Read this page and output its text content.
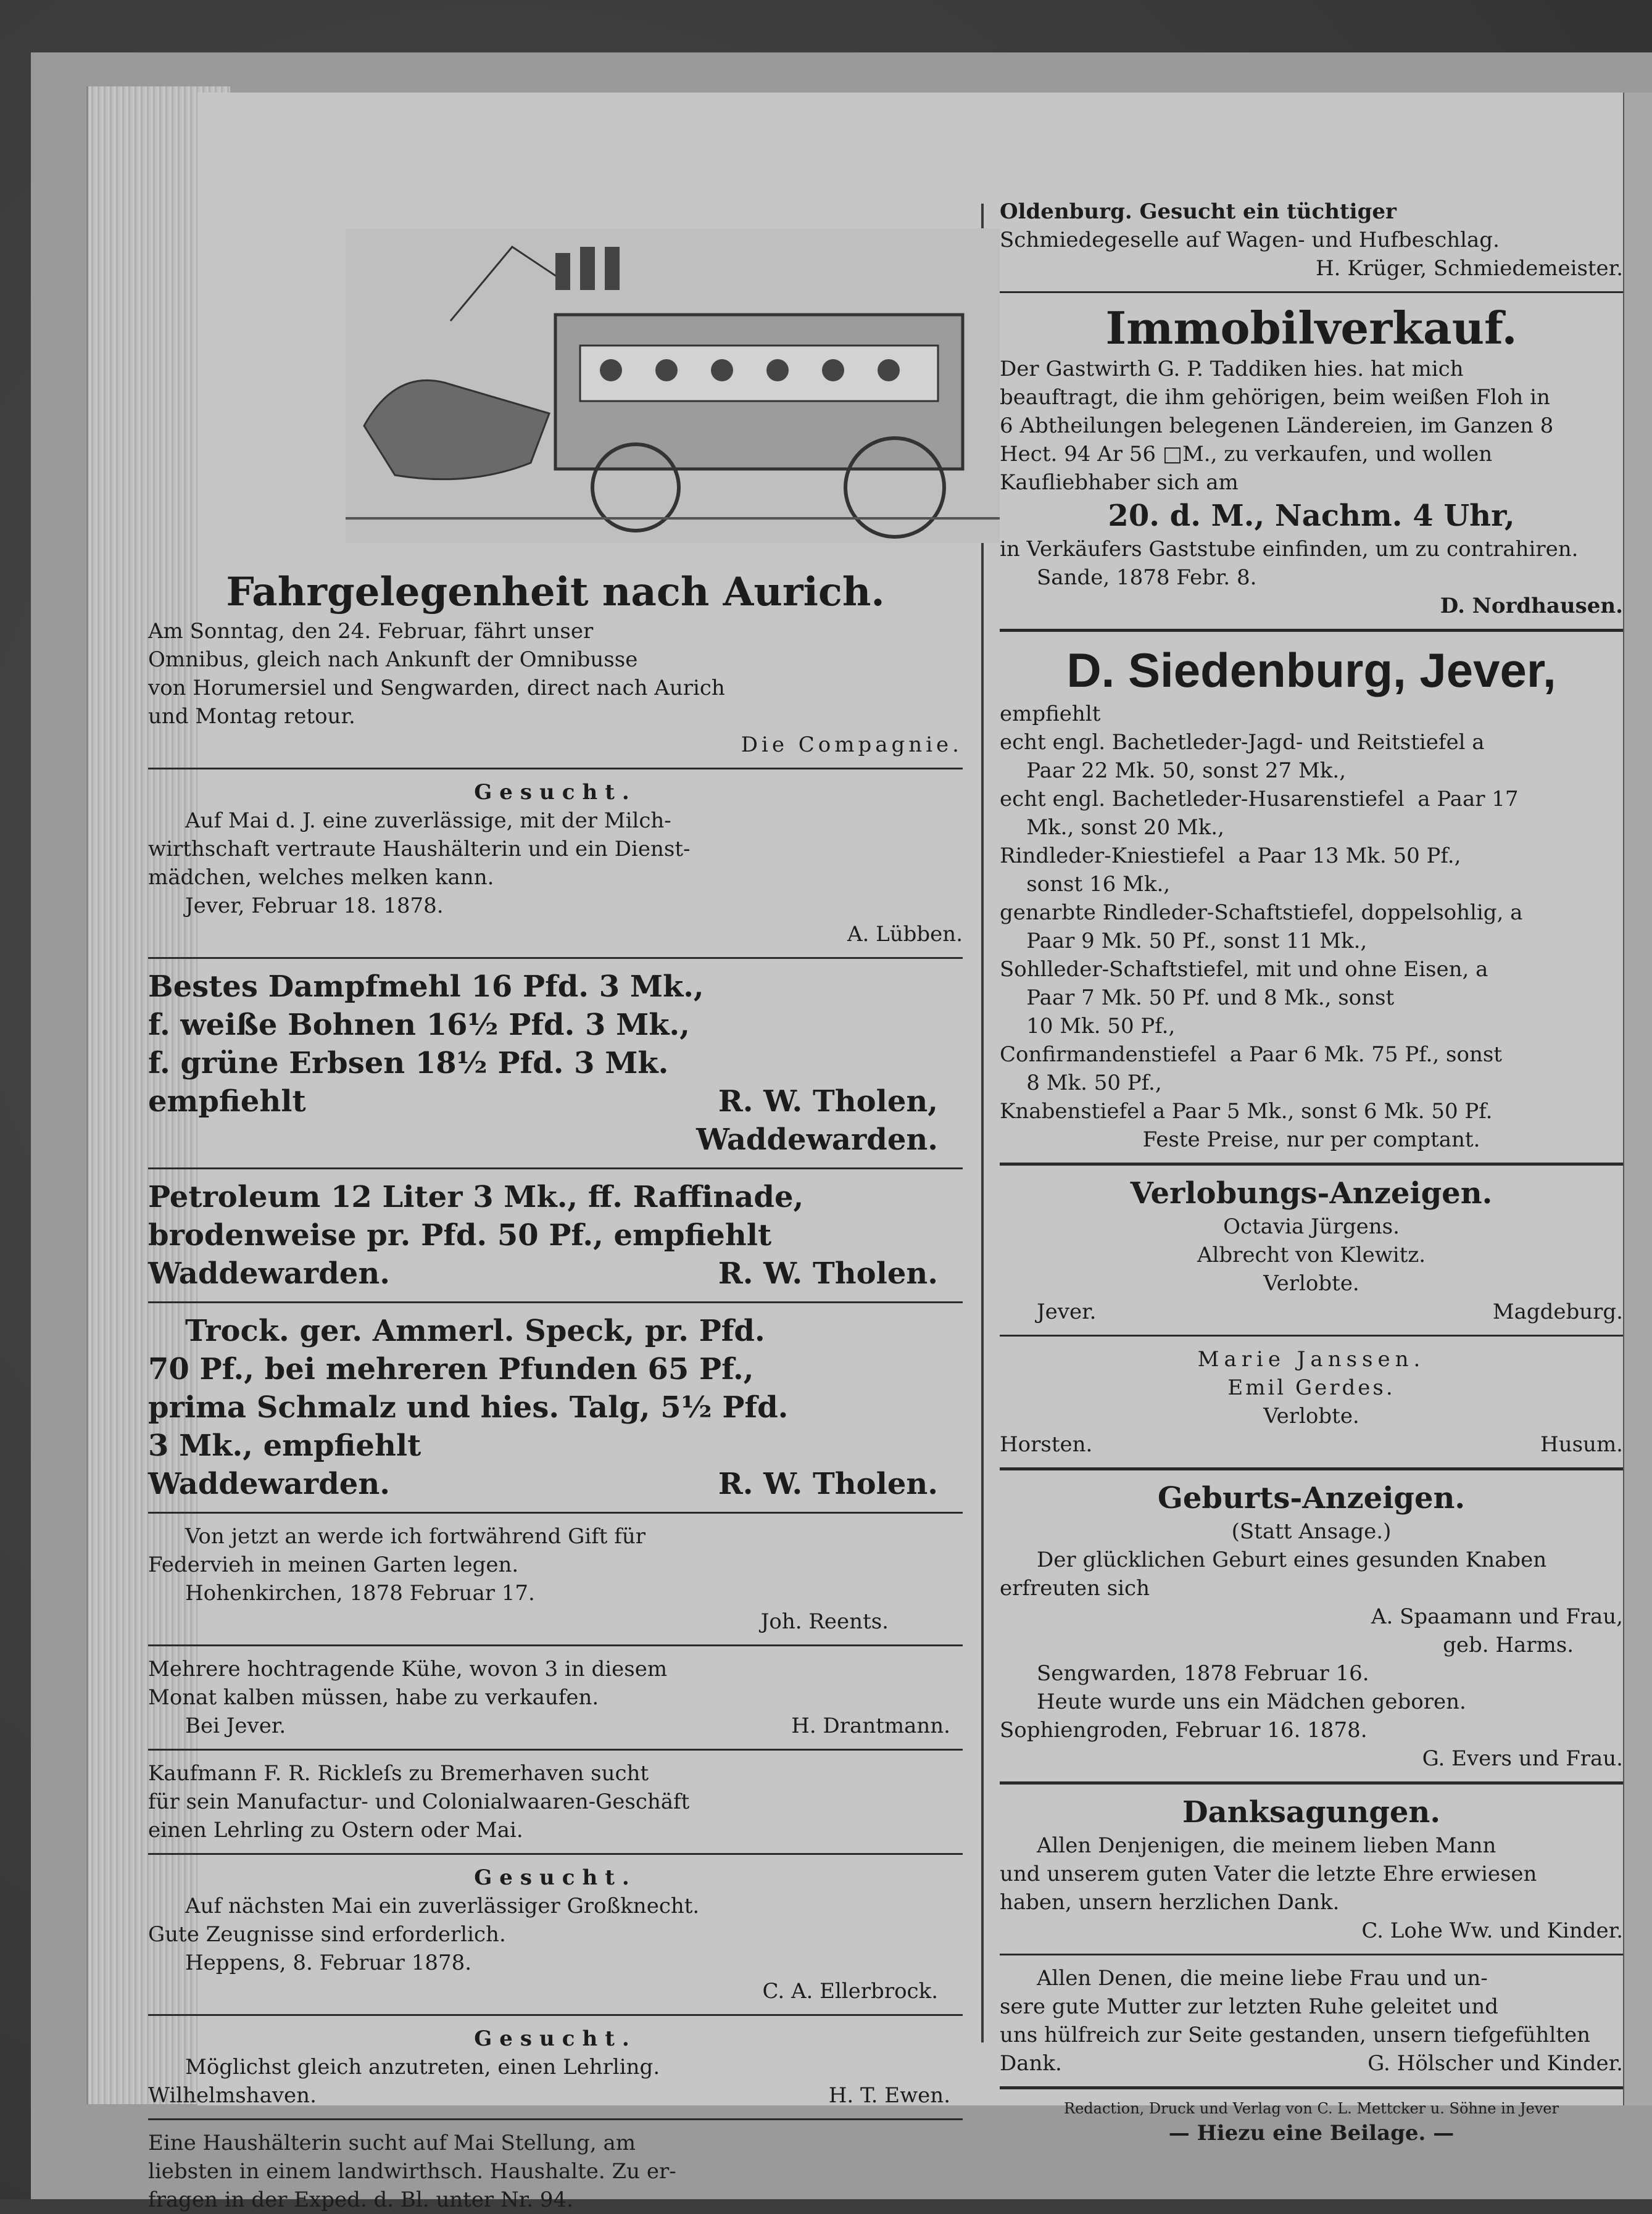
Fahrgelegenheit nach Aurich.

Am Sonntag, den 24. Februar, fährt unser

Omnibus, gleich nach Ankunft der Omnibusse

von Horumersiel und Sengwarden, direct nach Aurich

und Montag retour.

Die Compagnie.

Gesucht.

Auf Mai d. J. eine zuverlässige, mit der Milch-

wirthschaft vertraute Haushälterin und ein Dienst-

mädchen, welches melken kann.

Jever, Februar 18. 1878.

A. Lübben.

Bestes Dampfmehl 16 Pfd. 3 Mk.,

f. weiße Bohnen 16½ Pfd. 3 Mk.,

f. grüne Erbsen 18½ Pfd. 3 Mk.

empfiehlt	R. W. Tholen,

Waddewarden.

Petroleum 12 Liter 3 Mk., ff. Raffinade,

brodenweise pr. Pfd. 50 Pf., empfiehlt

Waddewarden.	R. W. Tholen.

Trock. ger. Ammerl. Speck, pr. Pfd.

70 Pf., bei mehreren Pfunden 65 Pf.,

prima Schmalz und hies. Talg, 5½ Pfd.

3 Mk., empfiehlt

Waddewarden.	R. W. Tholen.

Von jetzt an werde ich fortwährend Gift für

Federvieh in meinen Garten legen.

Hohenkirchen, 1878 Februar 17.

Joh. Reents.

Mehrere hochtragende Kühe, wovon 3 in diesem

Monat kalben müssen, habe zu verkaufen.

Bei Jever.	H. Drantmann.

Kaufmann F. R. Rickleſs zu Bremerhaven sucht

für sein Manufactur- und Colonialwaaren-Geschäft

einen Lehrling zu Ostern oder Mai.

Gesucht.

Auf nächsten Mai ein zuverlässiger Großknecht.

Gute Zeugnisse sind erforderlich.

Heppens, 8. Februar 1878.

C. A. Ellerbrock.

Gesucht.

Möglichst gleich anzutreten, einen Lehrling.

Wilhelmshaven.	H. T. Ewen.

Eine Haushälterin sucht auf Mai Stellung, am

liebsten in einem landwirthsch. Haushalte. Zu er-

fragen in der Exped. d. Bl. unter Nr. 94.

Oldenburg. Gesucht ein tüchtiger

Schmiedegeselle auf Wagen- und Hufbeschlag.

H. Krüger, Schmiedemeister.

Immobilverkauf.

Der Gastwirth G. P. Taddiken hies. hat mich

beauftragt, die ihm gehörigen, beim weißen Floh in

6 Abtheilungen belegenen Ländereien, im Ganzen 8

Hect. 94 Ar 56 □M., zu verkaufen, und wollen

Kaufliebhaber sich am

20. d. M., Nachm. 4 Uhr,

in Verkäufers Gaststube einfinden, um zu contrahiren.

Sande, 1878 Febr. 8.

D. Nordhausen.

D. Siedenburg, Jever,

empfiehlt

echt engl. Bachetleder-Jagd- und Reitstiefel a

Paar 22 Mk. 50, sonst 27 Mk.,

echt engl. Bachetleder-Husarenstiefel  a Paar 17

Mk., sonst 20 Mk.,

Rindleder-Kniestiefel  a Paar 13 Mk. 50 Pf.,

sonst 16 Mk.,

genarbte Rindleder-Schaftstiefel, doppelsohlig, a

Paar 9 Mk. 50 Pf., sonst 11 Mk.,

Sohlleder-Schaftstiefel, mit und ohne Eisen, a

Paar 7 Mk. 50 Pf. und 8 Mk., sonst

10 Mk. 50 Pf.,

Confirmandenstiefel  a Paar 6 Mk. 75 Pf., sonst

8 Mk. 50 Pf.,

Knabenstiefel a Paar 5 Mk., sonst 6 Mk. 50 Pf.

Feste Preise, nur per comptant.

Verlobungs-Anzeigen.

Octavia Jürgens.

Albrecht von Klewitz.

Verlobte.

Jever.	Magdeburg.

Marie Janssen.

Emil Gerdes.

Verlobte.

Horsten.	Husum.

Geburts-Anzeigen.

(Statt Ansage.)

Der glücklichen Geburt eines gesunden Knaben

erfreuten sich

A. Spaamann und Frau,

geb. Harms.

Sengwarden, 1878 Februar 16.

Heute wurde uns ein Mädchen geboren.

Sophiengroden, Februar 16. 1878.

G. Evers und Frau.

Danksagungen.

Allen Denjenigen, die meinem lieben Mann

und unserem guten Vater die letzte Ehre erwiesen

haben, unsern herzlichen Dank.

C. Lohe Ww. und Kinder.

Allen Denen, die meine liebe Frau und un-

sere gute Mutter zur letzten Ruhe geleitet und

uns hülfreich zur Seite gestanden, unsern tiefgefühlten

Dank.	G. Hölscher und Kinder.

Redaction, Druck und Verlag von C. L. Mettcker u. Söhne in Jever

— Hiezu eine Beilage. —
